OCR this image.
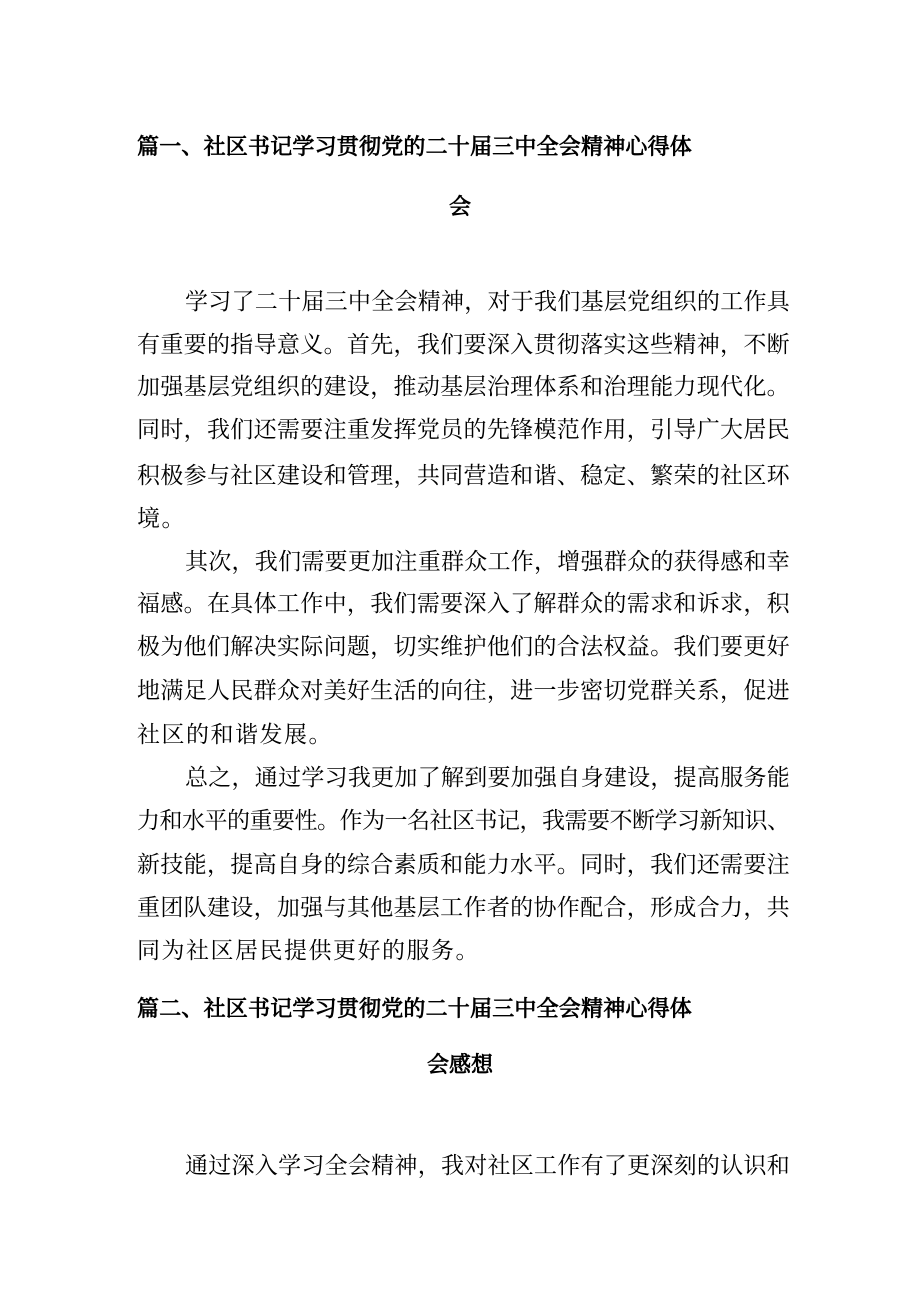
篇一、社区书记学习贯彻党的二十届三中全会精神心得体
会
学习了二十届三中全会精神，对于我们基层党组织的工作具
有重要的指导意义。首先，我们要深入贯彻落实这些精神，不断
加强基层党组织的建设，推动基层治理体系和治理能力现代化。
同时，我们还需要注重发挥党员的先锋模范作用，引导广大居民
积极参与社区建设和管理，共同营造和谐、稳定、繁荣的社区环
境。
其次，我们需要更加注重群众工作，增强群众的获得感和幸
福感。在具体工作中，我们需要深入了解群众的需求和诉求，积
极为他们解决实际问题，切实维护他们的合法权益。我们要更好
地满足人民群众对美好生活的向往，进一步密切党群关系，促进
社区的和谐发展。
总之，通过学习我更加了解到要加强自身建设，提高服务能
力和水平的重要性。作为一名社区书记，我需要不断学习新知识、
新技能，提高自身的综合素质和能力水平。同时，我们还需要注
重团队建设，加强与其他基层工作者的协作配合，形成合力，共
同为社区居民提供更好的服务。
篇二、社区书记学习贯彻党的二十届三中全会精神心得体
会感想
通过深入学习全会精神，我对社区工作有了更深刻的认识和
